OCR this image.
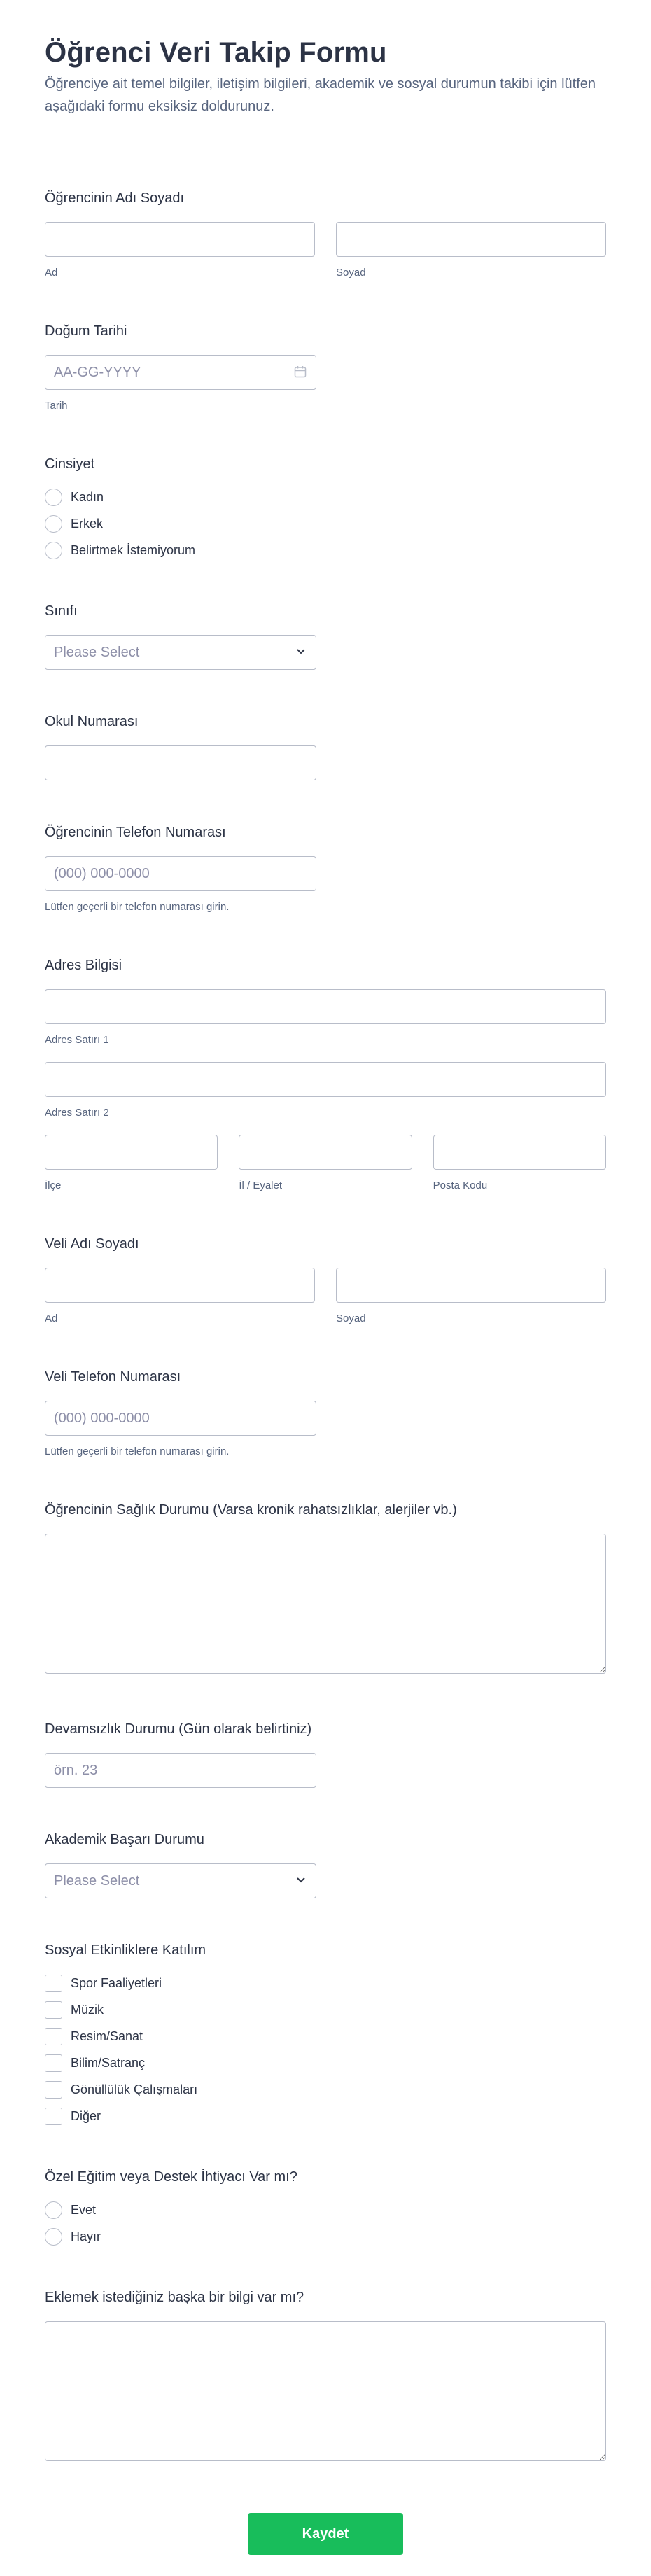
Öğrenci Veri Takip Formu

Öğrenciye ait temel bilgiler, iletişim bilgileri, akademik ve sosyal durumun takibi için lütfen aşağıdaki formu eksiksiz doldurunuz.

Öğrencinin Adı Soyadı
Ad	Soyad
Doğum Tarihi
AA-GG-YYYY
Tarih
Cinsiyet
Kadın
Erkek
Belirtmek İstemiyorum
Sınıfı
Please Select
Okul Numarası
Öğrencinin Telefon Numarası
(000) 000-0000
Lütfen geçerli bir telefon numarası girin.
Adres Bilgisi
Adres Satırı 1
Adres Satırı 2
İlçe	İl / Eyalet	Posta Kodu
Veli Adı Soyadı
Ad	Soyad
Veli Telefon Numarası
(000) 000-0000
Lütfen geçerli bir telefon numarası girin.
Öğrencinin Sağlık Durumu (Varsa kronik rahatsızlıklar, alerjiler vb.)
Devamsızlık Durumu (Gün olarak belirtiniz)
örn. 23
Akademik Başarı Durumu
Please Select
Sosyal Etkinliklere Katılım
Spor Faaliyetleri
Müzik
Resim/Sanat
Bilim/Satranç
Gönüllülük Çalışmaları
Diğer
Özel Eğitim veya Destek İhtiyacı Var mı?
Evet
Hayır
Eklemek istediğiniz başka bir bilgi var mı?
Kaydet
